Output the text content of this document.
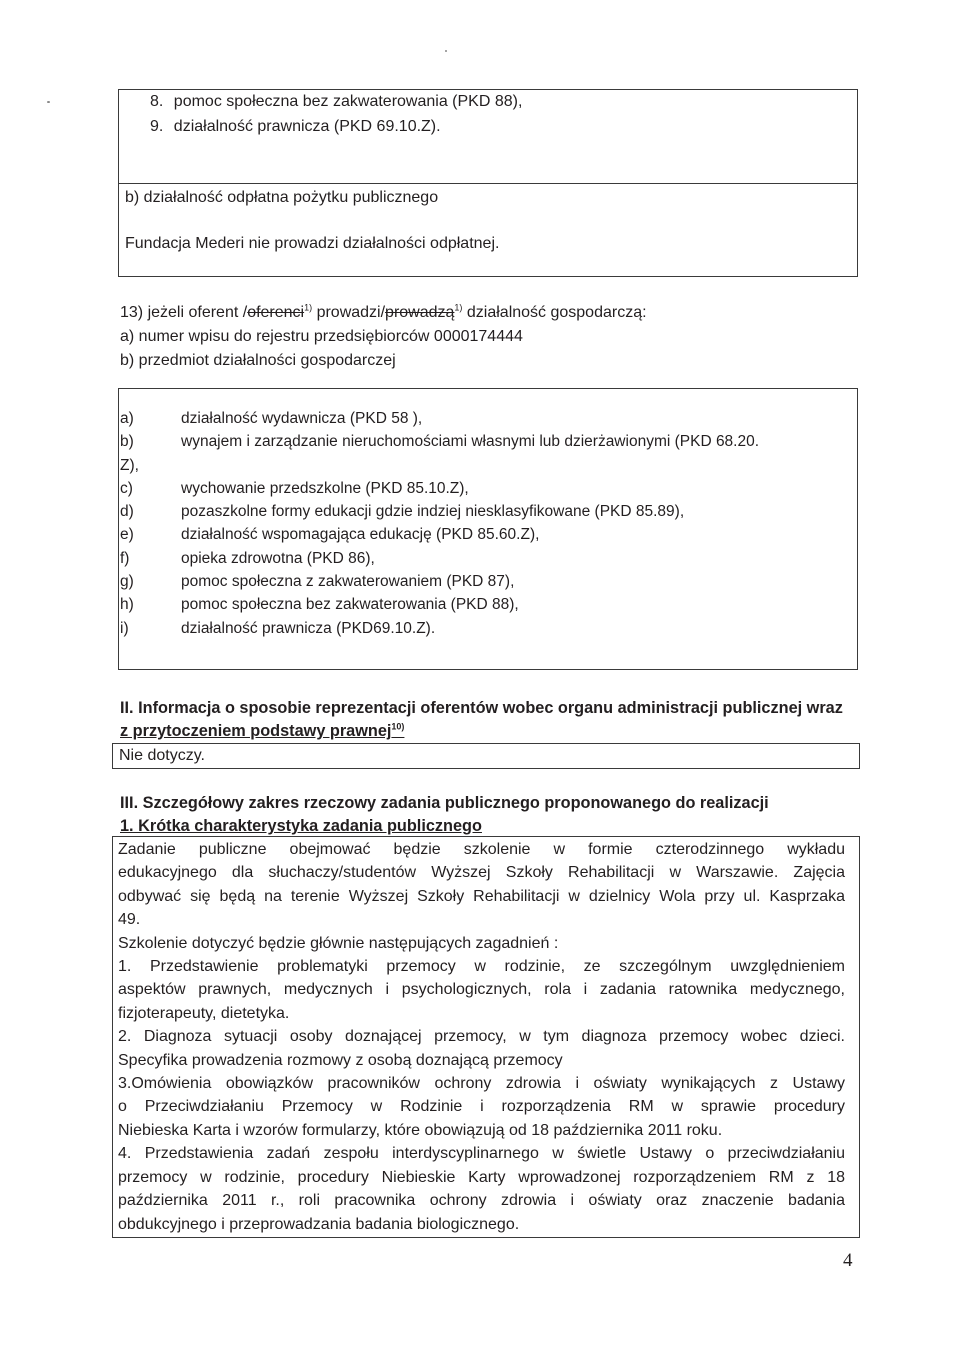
8. pomoc społeczna bez zakwaterowania (PKD 88),
9. działalność prawnicza (PKD 69.10.Z).
b) działalność odpłatna pożytku publicznego
Fundacja Mederi nie prowadzi działalności odpłatnej.
13) jeżeli oferent /oferenci$^{1)}$ prowadzi/prowadzą$^{1)}$ działalność gospodarczą:
a) numer wpisu do rejestru przedsiębiorców 0000174444
b) przedmiot działalności gospodarczej
a)	działalność wydawnicza (PKD 58 ),
b)	wynajem i zarządzanie nieruchomościami własnymi lub dzierżawionymi (PKD 68.20.
Z),
c)	wychowanie przedszkolne (PKD 85.10.Z),
d)	pozaszkolne formy edukacji gdzie indziej niesklasyfikowane (PKD 85.89),
e)	działalność wspomagająca edukację (PKD 85.60.Z),
f)	opieka zdrowotna (PKD 86),
g)	pomoc społeczna z zakwaterowaniem (PKD 87),
h)	pomoc społeczna bez zakwaterowania (PKD 88),
i)	działalność prawnicza (PKD69.10.Z).
II. Informacja o sposobie reprezentacji oferentów wobec organu administracji publicznej wraz
z przytoczeniem podstawy prawnej$^{10)}$
Nie dotyczy.
III. Szczegółowy zakres rzeczowy zadania publicznego proponowanego do realizacji
1. Krótka charakterystyka zadania publicznego
Zadanie publiczne obejmować będzie szkolenie w formie czterodzinnego wykładu
edukacyjnego dla słuchaczy/studentów Wyższej Szkoły Rehabilitacji w Warszawie. Zajęcia
odbywać się będą na terenie Wyższej Szkoły Rehabilitacji w dzielnicy Wola przy ul. Kasprzaka
49.
Szkolenie dotyczyć będzie głównie następujących zagadnień :
1. Przedstawienie problematyki przemocy w rodzinie, ze szczególnym uwzględnieniem
aspektów prawnych, medycznych i psychologicznych, rola i zadania ratownika medycznego,
fizjoterapeuty, dietetyka.
2. Diagnoza sytuacji osoby doznającej przemocy, w tym diagnoza przemocy wobec dzieci.
Specyfika prowadzenia rozmowy z osobą doznającą przemocy
3.Omówienia obowiązków pracowników ochrony zdrowia i oświaty wynikających z Ustawy
o Przeciwdziałaniu Przemocy w Rodzinie i rozporządzenia RM w sprawie procedury
Niebieska Karta i wzorów formularzy, które obowiązują od 18 października 2011 roku.
4. Przedstawienia zadań zespołu interdyscyplinarnego w świetle Ustawy o przeciwdziałaniu
przemocy w rodzinie, procedury Niebieskie Karty wprowadzonej rozporządzeniem RM z 18
października 2011 r., roli pracownika ochrony zdrowia i oświaty oraz znaczenie badania
obdukcyjnego i przeprowadzania badania biologicznego.
4
